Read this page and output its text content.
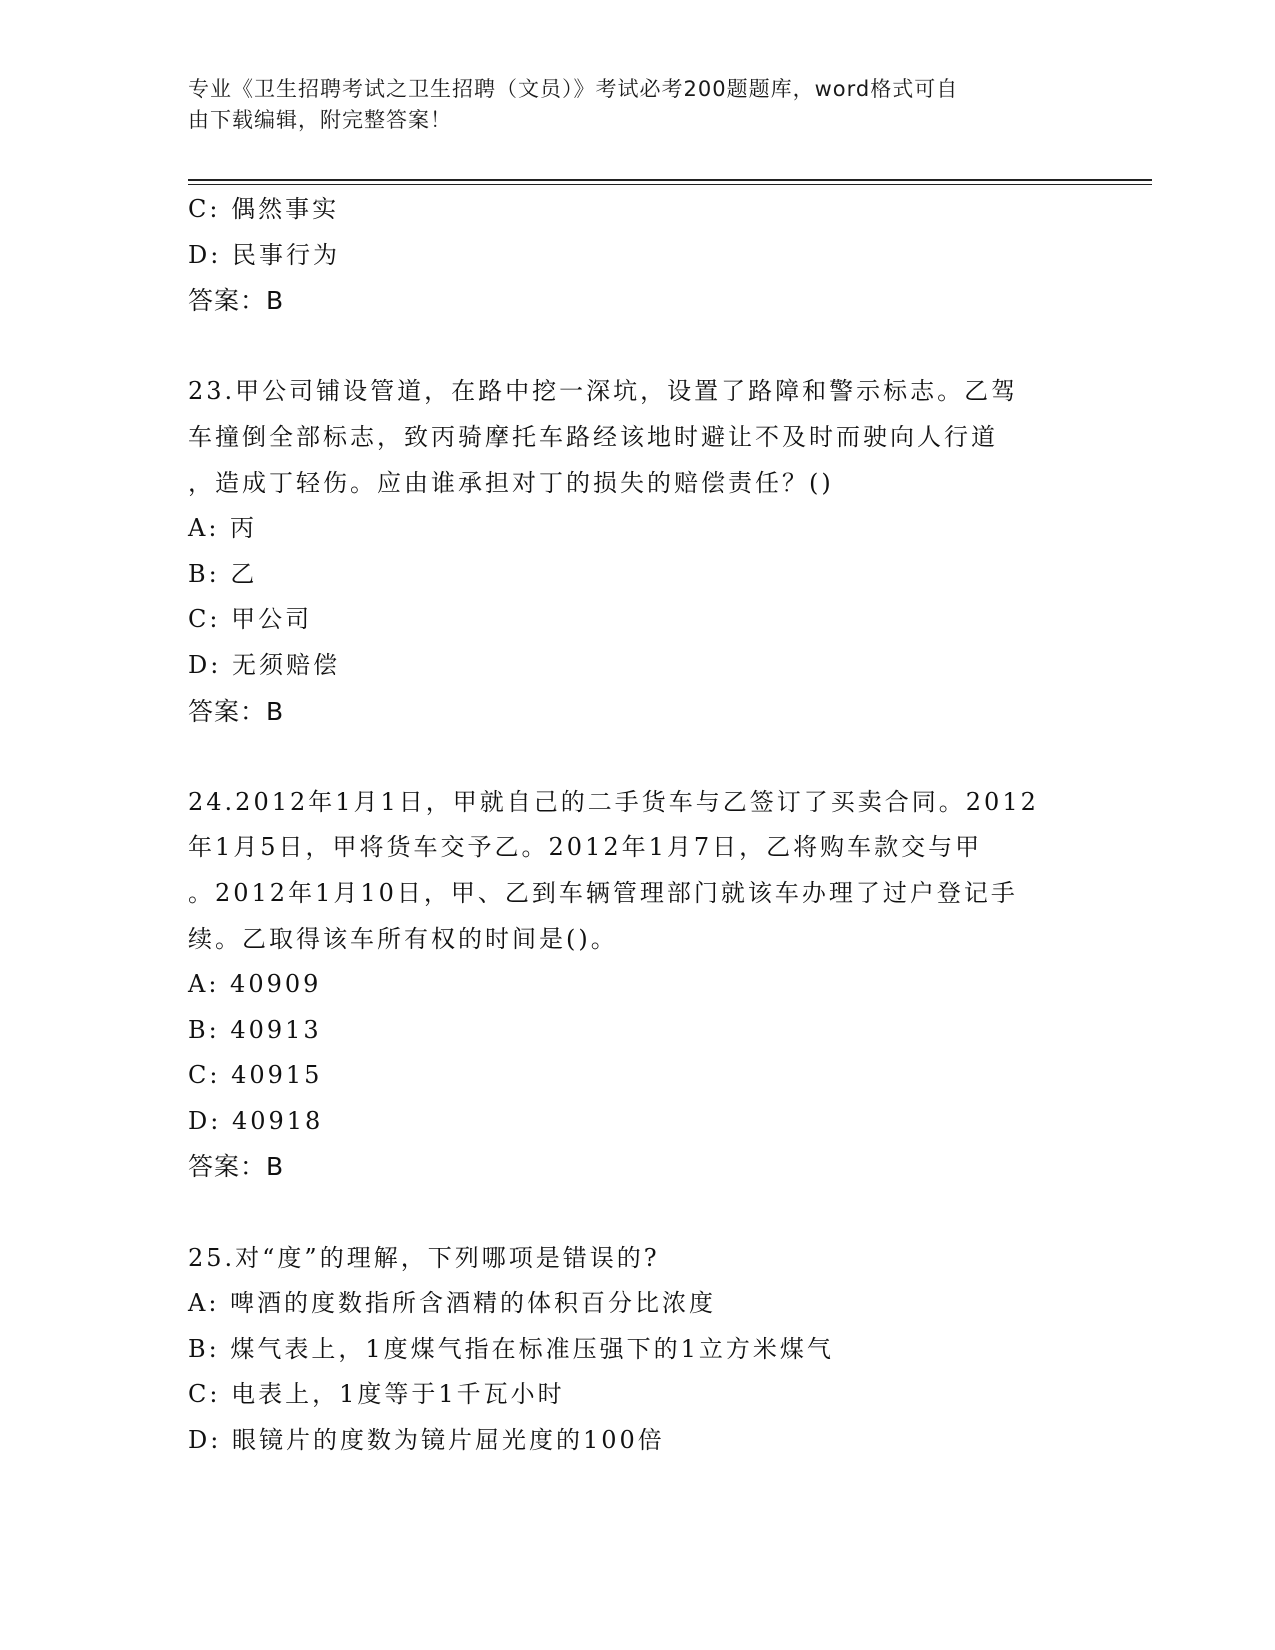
专业《卫生招聘考试之卫生招聘（文员）》考试必考200题题库，word格式可自
由下载编辑，附完整答案！

C: 偶然事实

D: 民事行为

答案：B

23.甲公司铺设管道，在路中挖一深坑，设置了路障和警示标志。乙驾

车撞倒全部标志，致丙骑摩托车路经该地时避让不及时而驶向人行道

，造成丁轻伤。应由谁承担对丁的损失的赔偿责任？()

A: 丙

B: 乙

C: 甲公司

D: 无须赔偿

答案：B

24.2012年1月1日，甲就自己的二手货车与乙签订了买卖合同。2012

年1月5日，甲将货车交予乙。2012年1月7日，乙将购车款交与甲

。2012年1月10日，甲、乙到车辆管理部门就该车办理了过户登记手

续。乙取得该车所有权的时间是()。

A: 40909

B: 40913

C: 40915

D: 40918

答案：B

25.对“度”的理解，下列哪项是错误的?

A: 啤酒的度数指所含酒精的体积百分比浓度

B: 煤气表上，1度煤气指在标准压强下的1立方米煤气

C: 电表上，1度等于1千瓦小时

D: 眼镜片的度数为镜片屈光度的100倍
